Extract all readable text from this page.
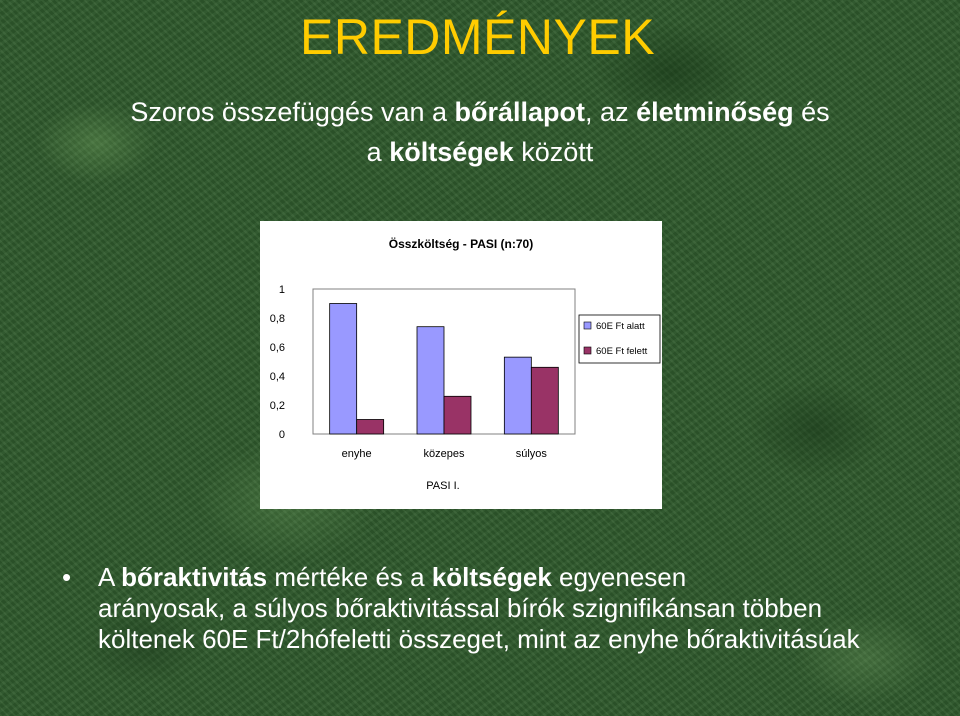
EREDMÉNYEK
Szoros összefüggés van a bőrállapot, az életminőség és
a költségek között
Összköltség - PASI (n:70)
0
0,2
0,4
0,6
0,8
1
enyhe	közepes	súlyos
PASI I.
60E Ft alatt
60E Ft felett
• A bőraktivitás mértéke és a költségek egyenesen
arányosak, a súlyos bőraktivitással bírók szignifikánsan többen
költenek 60E Ft/2hófeletti összeget, mint az enyhe bőraktivitásúak
